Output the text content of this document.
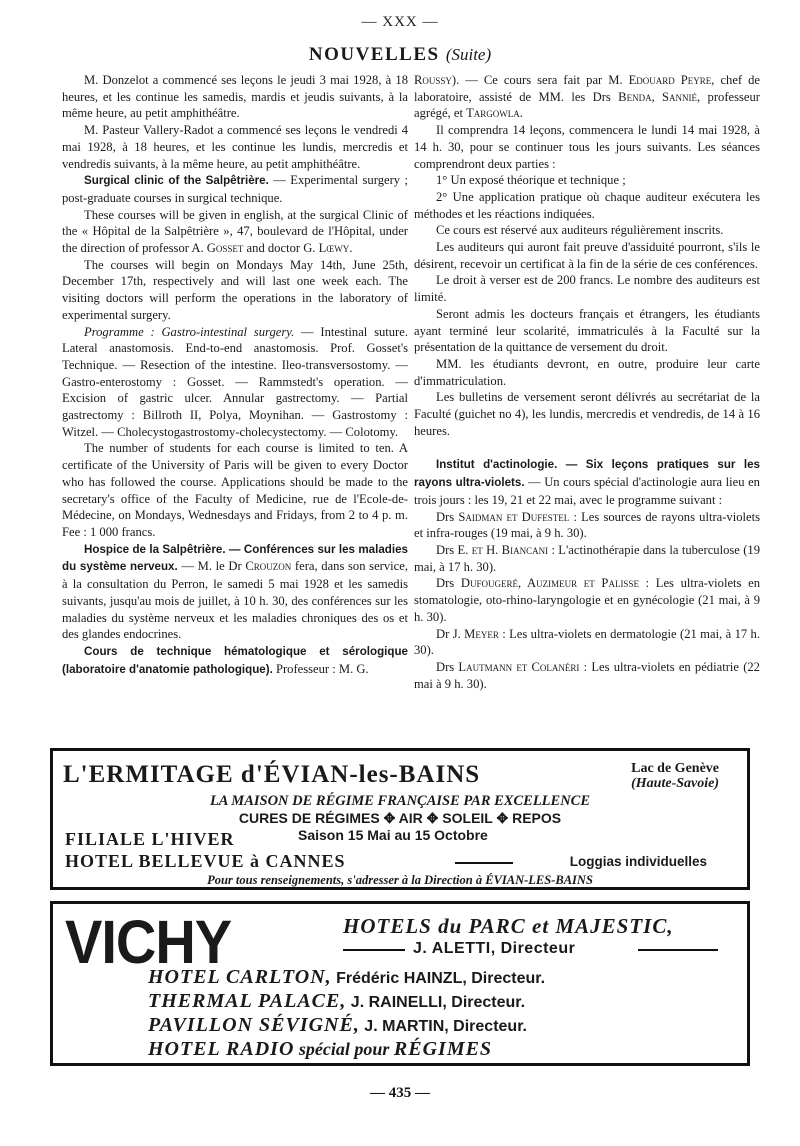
— XXX —
NOUVELLES (Suite)

M. Donzelot a commencé ses leçons le jeudi 3 mai 1928, à 18 heures, et les continue les samedis, mardis et jeudis suivants, à la même heure, au petit amphithéâtre.

M. Pasteur Vallery-Radot a commencé ses leçons le vendredi 4 mai 1928, à 18 heures, et les continue les lundis, mercredis et vendredis suivants, à la même heure, au petit amphithéâtre.

Surgical clinic of the Salpêtrière. — Experimental surgery ; post-graduate courses in surgical technique.

These courses will be given in english, at the surgical Clinic of the « Hôpital de la Salpêtrière », 47, boulevard de l'Hôpital, under the direction of professor A. Gosset and doctor G. Lœwy.

The courses will begin on Mondays May 14th, June 25th, December 17th, respectively and will last one week each. The visiting doctors will perform the operations in the laboratory of experimental surgery.

Programme : Gastro-intestinal surgery. — Intestinal suture. Lateral anastomosis. End-to-end anastomosis. Prof. Gosset's Technique. — Resection of the intestine. Ileo-transversostomy. — Gastro-enterostomy : Gosset. — Rammstedt's operation. — Excision of gastric ulcer. Annular gastrectomy. — Partial gastrectomy : Billroth II, Polya, Moynihan. — Gastrostomy : Witzel. — Cholecystogastrostomy-cholecystectomy. — Colotomy.

The number of students for each course is limited to ten. A certificate of the University of Paris will be given to every Doctor who has followed the course. Applications should be made to the secretary's office of the Faculty of Medicine, rue de l'Ecole-de-Médecine, on Mondays, Wednesdays and Fridays, from 2 to 4 p. m. Fee : 1 000 francs.

Hospice de la Salpêtrière. — Conférences sur les maladies du système nerveux. — M. le Dr Crouzon fera, dans son service, à la consultation du Perron, le samedi 5 mai 1928 et les samedis suivants, jusqu'au mois de juillet, à 10 h. 30, des conférences sur les maladies du système nerveux et les maladies chroniques des os et des glandes endocrines.

Cours de technique hématologique et sérologique (laboratoire d'anatomie pathologique). Professeur : M. G.

Roussy). — Ce cours sera fait par M. Edouard Peyre, chef de laboratoire, assisté de MM. les Drs Benda, Sannié, professeur agrégé, et Targowla.

Il comprendra 14 leçons, commencera le lundi 14 mai 1928, à 14 h. 30, pour se continuer tous les jours suivants. Les séances comprendront deux parties :

1° Un exposé théorique et technique ;

2° Une application pratique où chaque auditeur exécutera les méthodes et les réactions indiquées.

Ce cours est réservé aux auditeurs régulièrement inscrits.

Les auditeurs qui auront fait preuve d'assiduité pourront, s'ils le désirent, recevoir un certificat à la fin de la série de ces conférences.

Le droit à verser est de 200 francs. Le nombre des auditeurs est limité.

Seront admis les docteurs français et étrangers, les étudiants ayant terminé leur scolarité, immatriculés à la Faculté sur la présentation de la quittance de versement du droit.

MM. les étudiants devront, en outre, produire leur carte d'immatriculation.

Les bulletins de versement seront délivrés au secrétariat de la Faculté (guichet no 4), les lundis, mercredis et vendredis, de 14 à 16 heures.

Institut d'actinologie. — Six leçons pratiques sur les rayons ultra-violets. — Un cours spécial d'actinologie aura lieu en trois jours : les 19, 21 et 22 mai, avec le programme suivant :

Drs Saidman et Dufestel : Les sources de rayons ultra-violets et infra-rouges (19 mai, à 9 h. 30).

Drs E. et H. Biancani : L'actinothérapie dans la tuberculose (19 mai, à 17 h. 30).

Drs Dufougeré, Auzimeur et Palisse : Les ultra-violets en stomatologie, oto-rhino-laryngologie et en gynécologie (21 mai, à 9 h. 30).

Dr J. Meyer : Les ultra-violets en dermatologie (21 mai, à 17 h. 30).

Drs Lautmann et Colanéri : Les ultra-violets en pédiatrie (22 mai à 9 h. 30).

L'ERMITAGE d'ÉVIAN-les-BAINS	Lac de Genève
(Haute-Savoie)
LA MAISON DE RÉGIME FRANÇAISE PAR EXCELLENCE
CURES DE RÉGIMES ✥ AIR ✥ SOLEIL ✥ REPOS
FILIALE L'HIVER	Saison 15 Mai au 15 Octobre
HOTEL BELLEVUE à CANNES	Loggias individuelles
Pour tous renseignements, s'adresser à la Direction à ÉVIAN-LES-BAINS
VICHY	HOTELS du PARC et MAJESTIC,
J. ALETTI, Directeur
HOTEL CARLTON, Frédéric HAINZL, Directeur.
THERMAL PALACE, J. RAINELLI, Directeur.
PAVILLON SÉVIGNÉ, J. MARTIN, Directeur.
HOTEL RADIO spécial pour RÉGIMES
— 435 —
